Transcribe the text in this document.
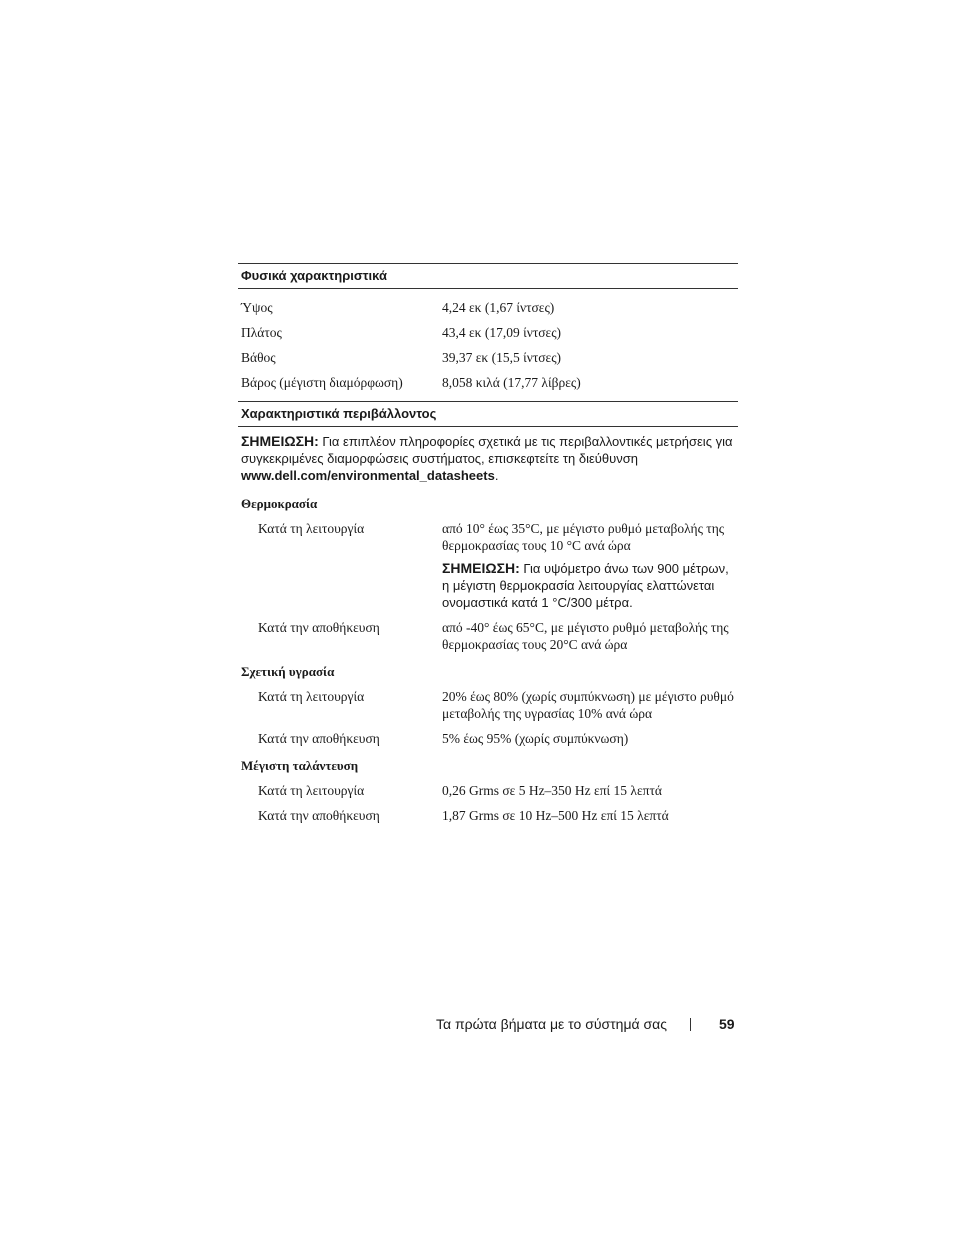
Φυσικά χαρακτηριστικά
Ύψος	4,24 εκ (1,67 ίντσες)
Πλάτος	43,4 εκ (17,09 ίντσες)
Βάθος	39,37 εκ (15,5 ίντσες)
Βάρος (μέγιστη διαμόρφωση)	8,058 κιλά (17,77 λίβρες)
Χαρακτηριστικά περιβάλλοντος
ΣΗΜΕΙΩΣΗ: Για επιπλέον πληροφορίες σχετικά με τις περιβαλλοντικές μετρήσεις για συγκεκριμένες διαμορφώσεις συστήματος, επισκεφτείτε τη διεύθυνση www.dell.com/environmental_datasheets.
Θερμοκρασία
Κατά τη λειτουργία	από 10° έως 35°C, με μέγιστο ρυθμό μεταβολής της θερμοκρασίας τους 10 °C ανά ώρα
ΣΗΜΕΙΩΣΗ: Για υψόμετρο άνω των 900 μέτρων, η μέγιστη θερμοκρασία λειτουργίας ελαττώνεται ονομαστικά κατά 1 °C/300 μέτρα.
Κατά την αποθήκευση	από -40° έως 65°C, με μέγιστο ρυθμό μεταβολής της θερμοκρασίας τους 20°C ανά ώρα
Σχετική υγρασία
Κατά τη λειτουργία	20% έως 80% (χωρίς συμπύκνωση) με μέγιστο ρυθμό μεταβολής της υγρασίας 10% ανά ώρα
Κατά την αποθήκευση	5% έως 95% (χωρίς συμπύκνωση)
Μέγιστη ταλάντευση
Κατά τη λειτουργία	0,26 Grms σε 5 Hz–350 Hz επί 15 λεπτά
Κατά την αποθήκευση	1,87 Grms σε 10 Hz–500 Hz επί 15 λεπτά
Τα πρώτα βήματα με το σύστημά σας	59
